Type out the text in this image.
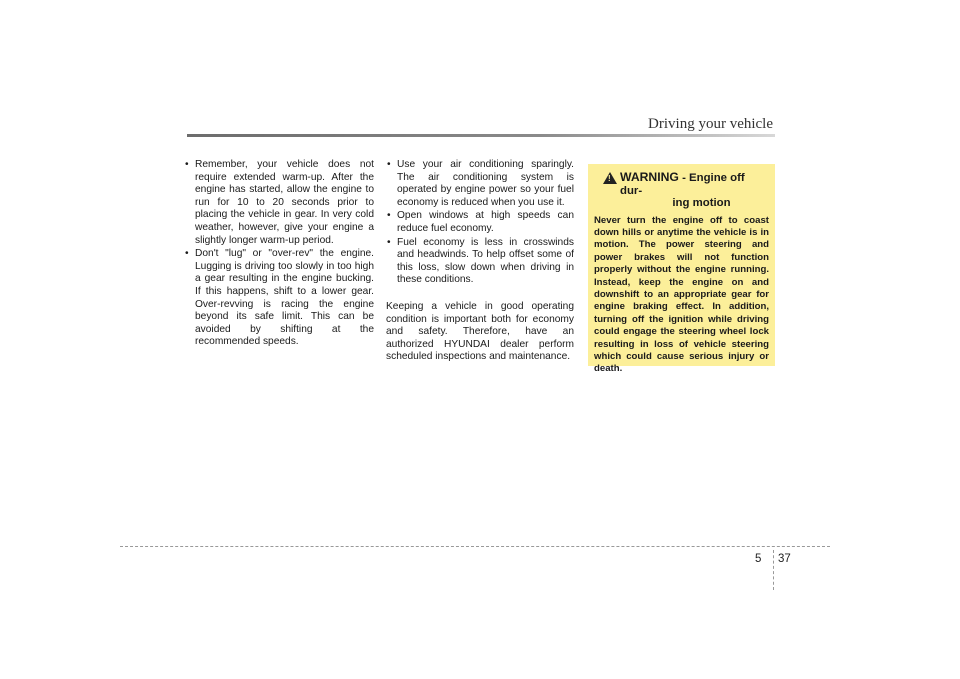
Driving your vehicle
• Remember, your vehicle does not require extended warm-up. After the engine has started, allow the engine to run for 10 to 20 seconds prior to placing the vehicle in gear. In very cold weather, however, give your engine a slightly longer warm-up period.
• Don't "lug" or "over-rev" the engine. Lugging is driving too slowly in too high a gear resulting in the engine bucking. If this happens, shift to a lower gear. Over-revving is racing the engine beyond its safe limit. This can be avoided by shifting at the recommended speeds.
• Use your air conditioning sparingly. The air conditioning system is operated by engine power so your fuel economy is reduced when you use it.
• Open windows at high speeds can reduce fuel economy.
• Fuel economy is less in crosswinds and headwinds. To help offset some of this loss, slow down when driving in these conditions.

Keeping a vehicle in good operating condition is important both for economy and safety. Therefore, have an authorized HYUNDAI dealer perform scheduled inspections and maintenance.

!
WARNING - Engine off dur-
ing motion
Never turn the engine off to coast down hills or anytime the vehicle is in motion. The power steering and power brakes will not function properly without the engine running. Instead, keep the engine on and downshift to an appropriate gear for engine braking effect. In addition, turning off the ignition while driving could engage the steering wheel lock resulting in loss of vehicle steering which could cause serious injury or death.
5 37
